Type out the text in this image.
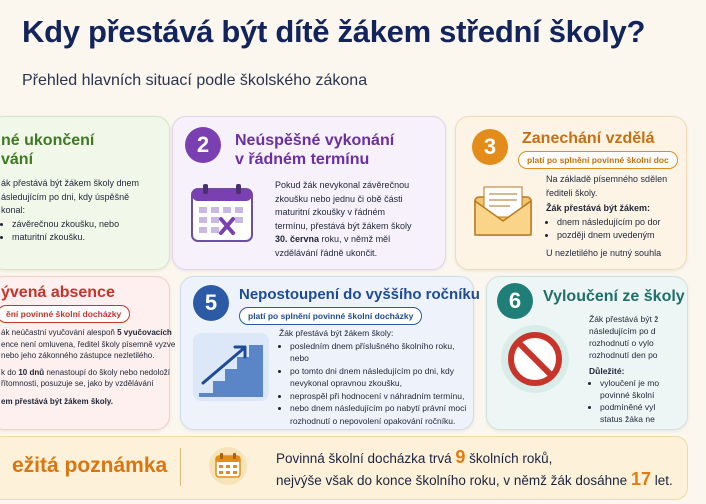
Kdy přestává být dítě žákem střední školy?
Přehled hlavních situací podle školského zákona
né ukončení
vání
ák přestává být žákem školy dnem
ásledujícím po dni, kdy úspěšně
konal:
• závěrečnou zkoušku, nebo
• maturitní zkoušku.
2	Neúspěšné vykonání
v řádném termínu
Pokud žák nevykonal závěrečnou
zkoušku nebo jednu či obě části
maturitní zkoušky v řádném
termínu, přestává být žákem školy
30. června roku, v němž měl
vzdělávání řádně ukončit.
3	Zanechání vzdělá
platí po splnění povinné školní doc
Na základě písemného sdělen
řediteli školy.
Žák přestává být žákem:
• dnem následujícím po dor
• později dnem uvedeným
U nezletilého je nutný souhla
ývená absence
ění povinné školní docházky
ák neúčastní vyučování alespoň 5 vyučovacích
ence není omluvena, ředitel školy písemně vyzve
nebo jeho zákonného zástupce nezletilého.
k do 10 dnů nenastoupí do školy nebo nedoloží
řítomnosti, posuzuje se, jako by vzdělávání
em přestává být žákem školy.
5	Nepostoupení do vyššího ročníku
platí po splnění povinné školní docházky
Žák přestává být žákem školy:
• posledním dnem příslušného školního roku, nebo
• po tomto dni dnem následujícím po dni, kdy
nevykonal opravnou zkoušku,
• neprospěl při hodnocení v náhradním termínu,
• nebo dnem následujícím po nabytí právní moci
rozhodnutí o nepovolení opakování ročníku.
6	Vyloučení ze školy
Žák přestává být ž
následujícím po d
rozhodnutí o vylo
rozhodnutí den po
Důležité:
• vyloučení je mo
povinné školní
• podmíněné vyl
status žáka ne
ežitá poznámka	Povinná školní docházka trvá 9 školních roků,
nejvýše však do konce školního roku, v němž žák dosáhne 17 let.
